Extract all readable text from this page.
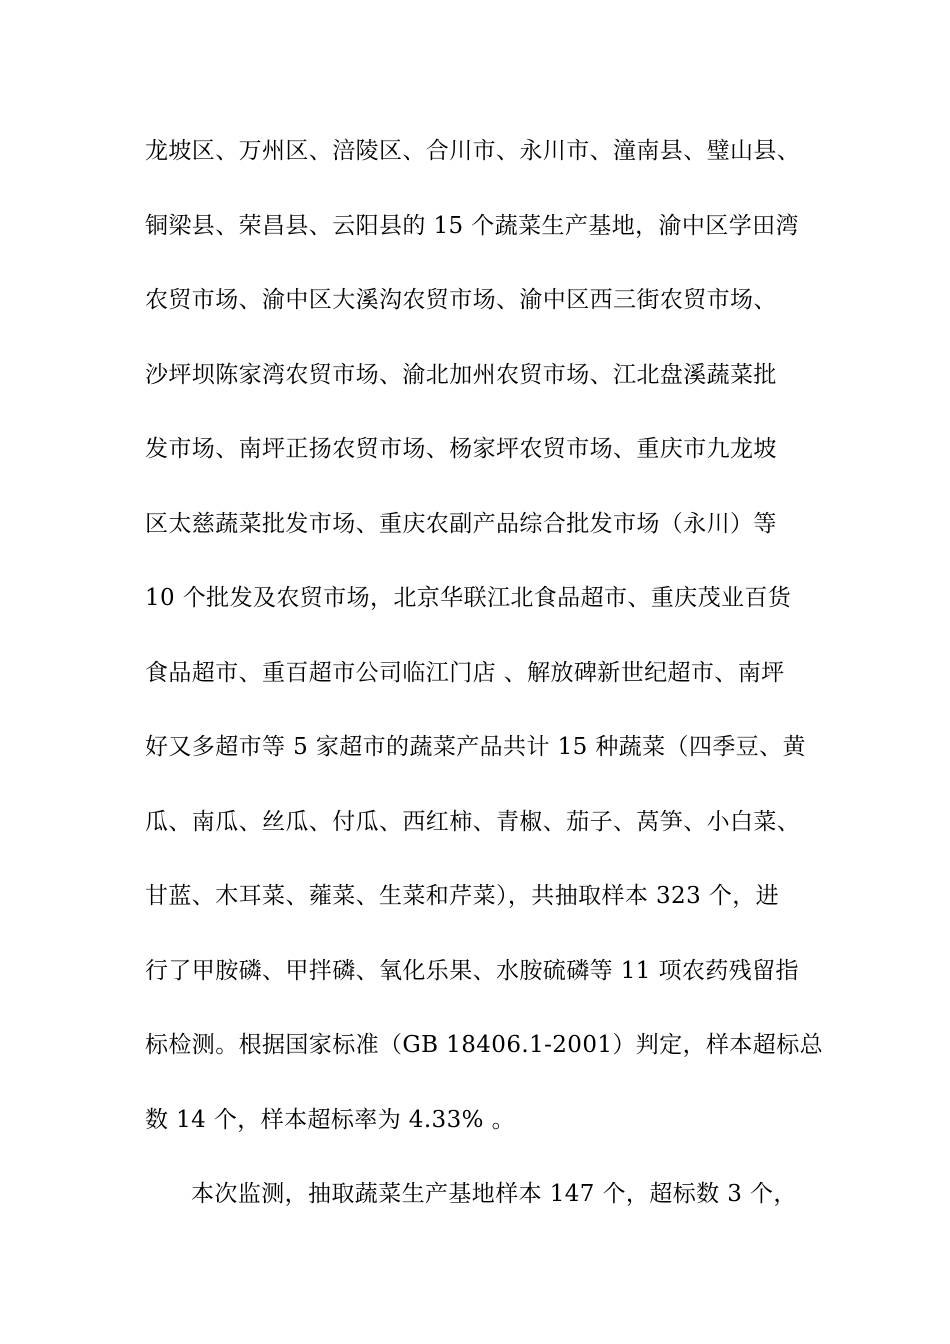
龙坡区、万州区、涪陵区、合川市、永川市、潼南县、璧山县、
铜梁县、荣昌县、云阳县的 15 个蔬菜生产基地，渝中区学田湾
农贸市场、渝中区大溪沟农贸市场、渝中区西三街农贸市场、
沙坪坝陈家湾农贸市场、渝北加州农贸市场、江北盘溪蔬菜批
发市场、南坪正扬农贸市场、杨家坪农贸市场、重庆市九龙坡
区太慈蔬菜批发市场、重庆农副产品综合批发市场（永川）等
10 个批发及农贸市场，北京华联江北食品超市、重庆茂业百货
食品超市、重百超市公司临江门店 、解放碑新世纪超市、南坪
好又多超市等 5 家超市的蔬菜产品共计 15 种蔬菜（四季豆、黄
瓜、南瓜、丝瓜、付瓜、西红柿、青椒、茄子、莴笋、小白菜、
甘蓝、木耳菜、蕹菜、生菜和芹菜），共抽取样本 323 个，进
行了甲胺磷、甲拌磷、氧化乐果、水胺硫磷等 11 项农药残留指
标检测。根据国家标准（GB 18406.1-2001）判定，样本超标总
数 14 个，样本超标率为 4.33% 。
本次监测，抽取蔬菜生产基地样本 147 个，超标数 3 个，
